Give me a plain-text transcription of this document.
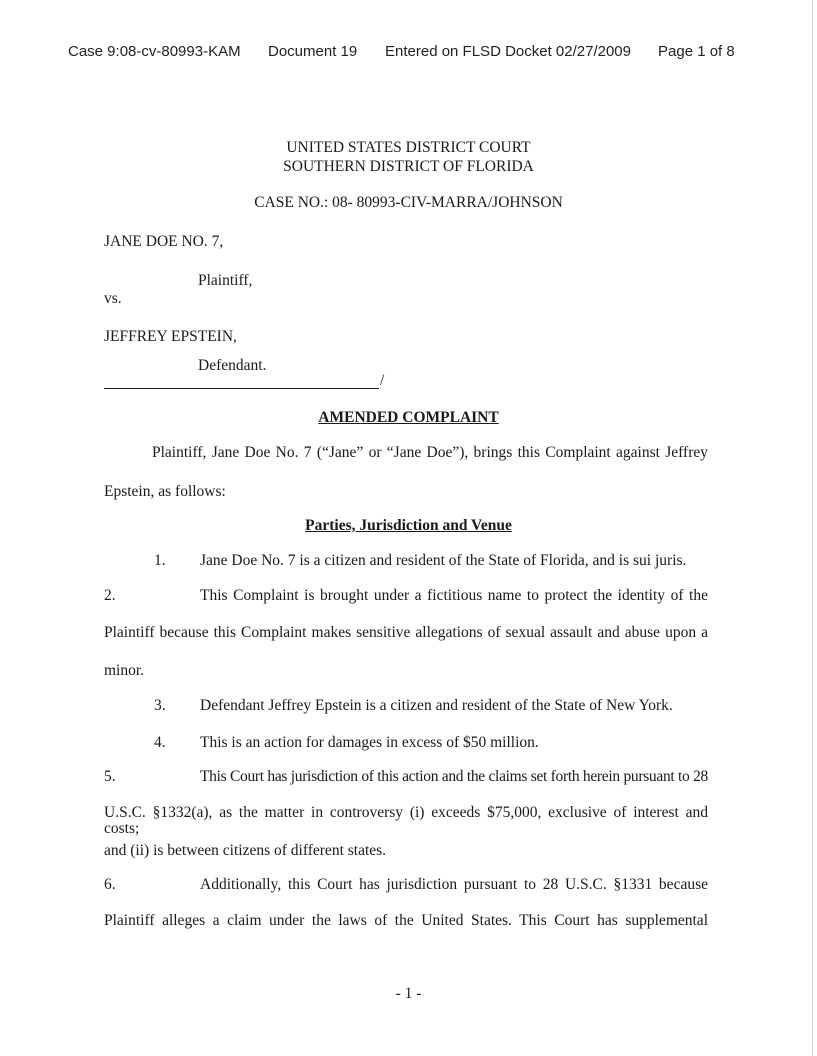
Case 9:08-cv-80993-KAM Document 19 Entered on FLSD Docket 02/27/2009 Page 1 of 8
UNITED STATES DISTRICT COURT
SOUTHERN DISTRICT OF FLORIDA
CASE NO.: 08- 80993-CIV-MARRA/JOHNSON
JANE DOE NO. 7,
Plaintiff,
vs.
JEFFREY EPSTEIN,
Defendant.
/
AMENDED COMPLAINT
Plaintiff, Jane Doe No. 7 (“Jane” or “Jane Doe”), brings this Complaint against Jeffrey
Epstein, as follows:
Parties, Jurisdiction and Venue
1. Jane Doe No. 7 is a citizen and resident of the State of Florida, and is sui juris.
2.	This Complaint is brought under a fictitious name to protect the identity of the
Plaintiff because this Complaint makes sensitive allegations of sexual assault and abuse upon a
minor.
3. Defendant Jeffrey Epstein is a citizen and resident of the State of New York.
4. This is an action for damages in excess of $50 million.
5.	This Court has jurisdiction of this action and the claims set forth herein pursuant to 28
U.S.C. §1332(a), as the matter in controversy (i) exceeds $75,000, exclusive of interest and costs;
and (ii) is between citizens of different states.
6.	Additionally, this Court has jurisdiction pursuant to 28 U.S.C. §1331 because
Plaintiff alleges a claim under the laws of the United States. This Court has supplemental
- 1 -
